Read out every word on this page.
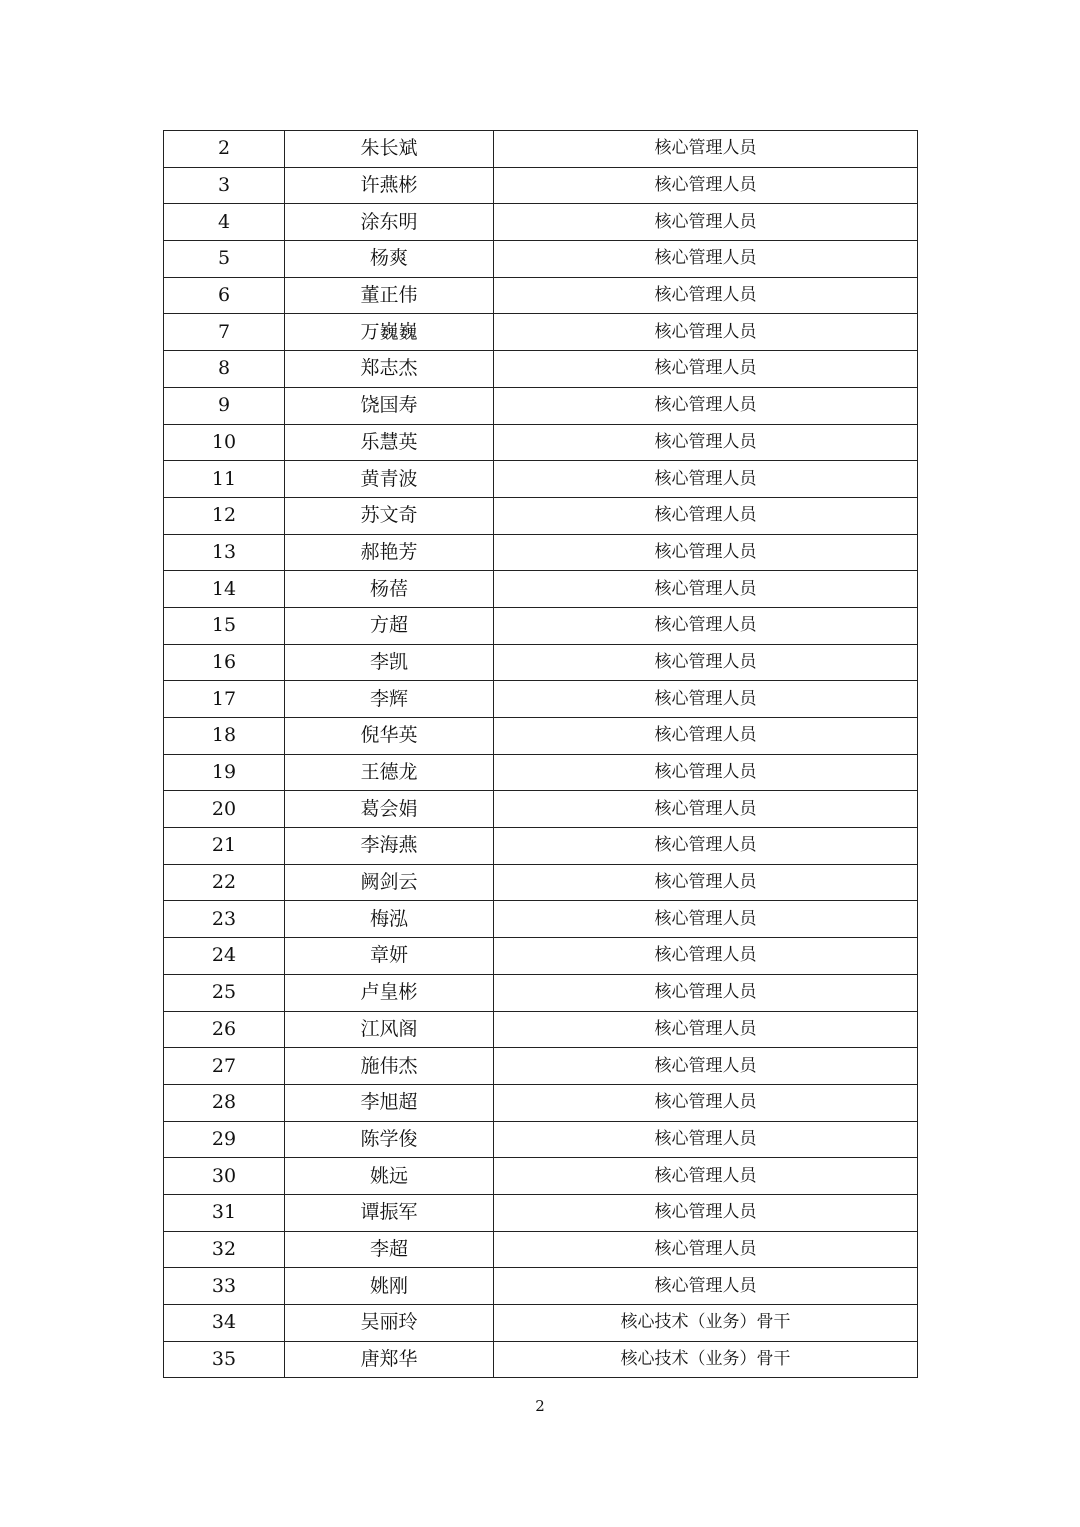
2	朱长斌	核心管理人员
3	许燕彬	核心管理人员
4	涂东明	核心管理人员
5	杨爽	核心管理人员
6	董正伟	核心管理人员
7	万巍巍	核心管理人员
8	郑志杰	核心管理人员
9	饶国寿	核心管理人员
10	乐慧英	核心管理人员
11	黄青波	核心管理人员
12	苏文奇	核心管理人员
13	郝艳芳	核心管理人员
14	杨蓓	核心管理人员
15	方超	核心管理人员
16	李凯	核心管理人员
17	李辉	核心管理人员
18	倪华英	核心管理人员
19	王德龙	核心管理人员
20	葛会娟	核心管理人员
21	李海燕	核心管理人员
22	阙剑云	核心管理人员
23	梅泓	核心管理人员
24	章妍	核心管理人员
25	卢皇彬	核心管理人员
26	江风阁	核心管理人员
27	施伟杰	核心管理人员
28	李旭超	核心管理人员
29	陈学俊	核心管理人员
30	姚远	核心管理人员
31	谭振军	核心管理人员
32	李超	核心管理人员
33	姚刚	核心管理人员
34	吴丽玲	核心技术（业务）骨干
35	唐郑华	核心技术（业务）骨干
2
